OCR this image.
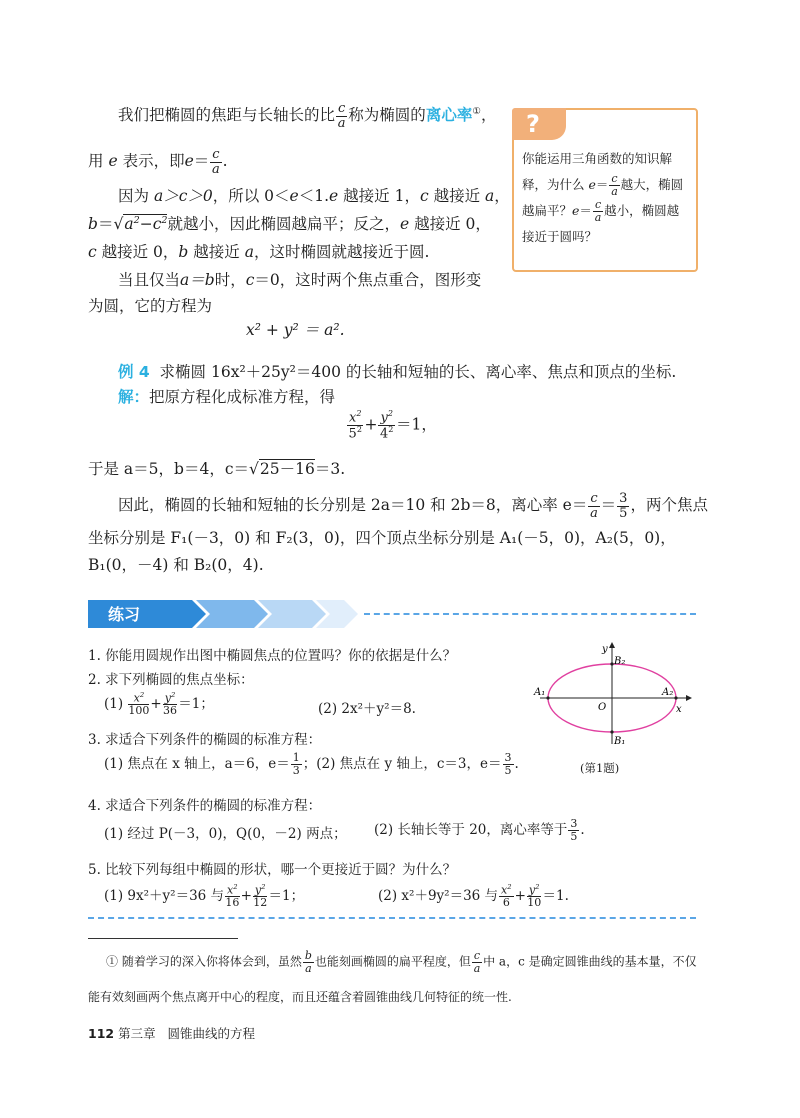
我们把椭圆的焦距与长轴长的比 $\frac{c}{a}$ 称为椭圆的离心率①，
用 e 表示，即$e= \frac{c}{a}$ .
因为 a＞c＞0，所以 0＜e＜1.e 越接近 1，c 越接近 a，
$b=√a^2-c^2$就越小，因此椭圆越扁平；反之，e 越接近 0，
c 越接近 0，b 越接近 a，这时椭圆就越接近于圆.
当且仅当a＝b时，c＝0，这时两个焦点重合，图形变
为圆，它的方程为
x² + y² ＝ a².
?
你能运用三角函数的知识解释，为什么 $e= \frac{c}{a}$ 越大，椭圆越扁平？$e= \frac{c}{a}$ 越小，椭圆越接近于圆吗？
例 4 求椭圆 16x²＋25y²＝400 的长轴和短轴的长、离心率、焦点和顶点的坐标.
解：把原方程化成标准方程，得
$\frac{x^2}{5^2} + \frac{y^2}{4^2} =1$，
于是 a＝5，b＝4，c＝√25－16＝3.
因此，椭圆的长轴和短轴的长分别是 2a＝10 和 2b＝8，离心率 $e= \frac{c}{a} = \frac{3}{5}$ ，两个焦点
坐标分别是 F₁(－3，0) 和 F₂(3，0)，四个顶点坐标分别是 A₁(－5，0)，A₂(5，0)，
B₁(0，－4) 和 B₂(0，4).
练习
1. 你能用圆规作出图中椭圆焦点的位置吗？你的依据是什么？
2. 求下列椭圆的焦点坐标：
$(1) \frac{x^2}{100} + \frac{y^2}{36} =1$；	(2) 2x²＋y²＝8.
3. 求适合下列条件的椭圆的标准方程：
(1) 焦点在 x 轴上，a＝6，$e= \frac{1}{3}$ ；(2) 焦点在 y 轴上，c＝3，$e= \frac{3}{5}$ .
4. 求适合下列条件的椭圆的标准方程：
(1) 经过 P(－3，0)，Q(0，－2) 两点； (2) 长轴长等于 20，离心率等于 $\frac{3}{5}$ .
5. 比较下列每组中椭圆的形状，哪一个更接近于圆？为什么？
(1) 9x²＋y²＝36 与 $\frac{x^2}{16} + \frac{y^2}{12} =1$；	(2) x²＋9y²＝36 与 $\frac{x^2}{6} + \frac{y^2}{10} =1$.
y
x
O
B₂
B₁
A₁	A₂
(第1题)
① 随着学习的深入你将体会到，虽然 $\frac{b}{a}$ 也能刻画椭圆的扁平程度，但 $\frac{c}{a}$ 中 a，c 是确定圆锥曲线的基本量，不仅
能有效刻画两个焦点离开中心的程度，而且还蕴含着圆锥曲线几何特征的统一性.
112 第三章 圆锥曲线的方程
